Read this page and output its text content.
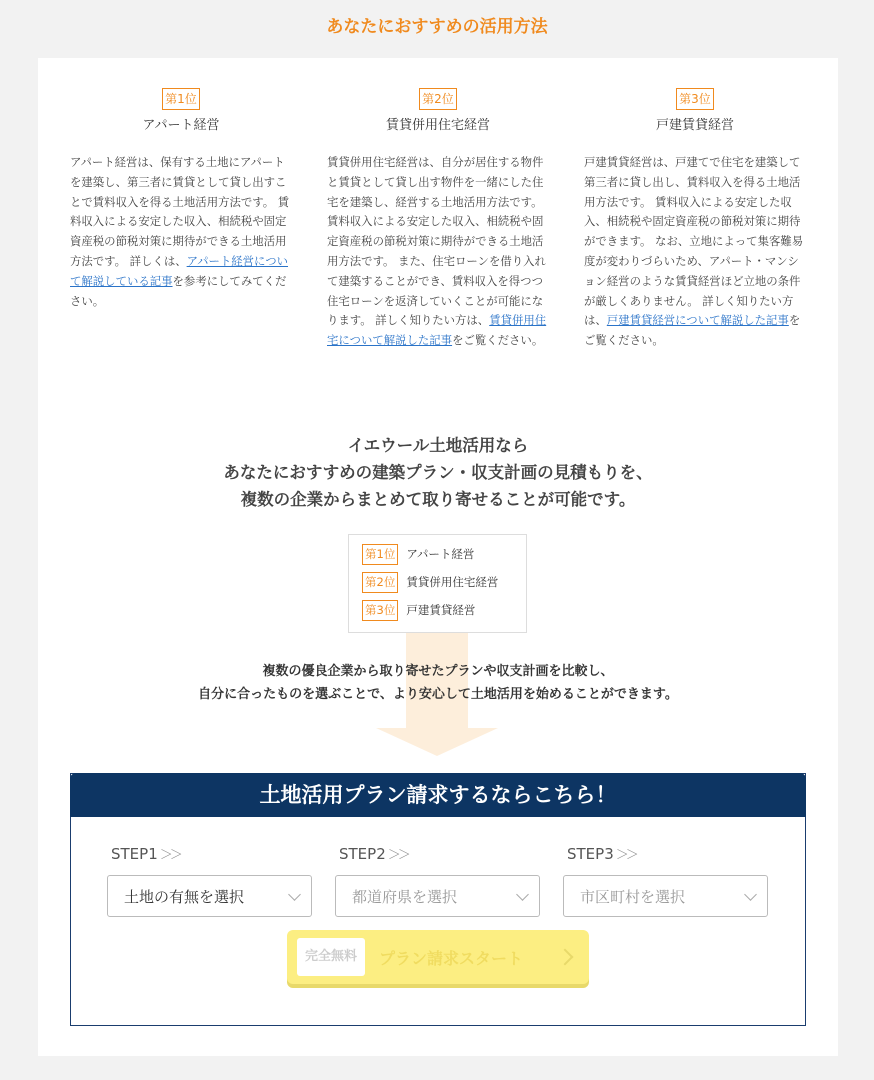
あなたにおすすめの活用方法
第1位
アパート経営
アパート経営は、保有する土地にアパートを建築し、第三者に賃貸として貸し出すことで賃料収入を得る土地活用方法です。 賃料収入による安定した収入、相続税や固定資産税の節税対策に期待ができる土地活用方法です。 詳しくは、アパート経営について解説している記事を参考にしてみてください。
第2位
賃貸併用住宅経営
賃貸併用住宅経営は、自分が居住する物件と賃貸として貸し出す物件を一緒にした住宅を建築し、経営する土地活用方法です。 賃料収入による安定した収入、相続税や固定資産税の節税対策に期待ができる土地活用方法です。 また、住宅ローンを借り入れて建築することができ、賃料収入を得つつ住宅ローンを返済していくことが可能になります。 詳しく知りたい方は、賃貸併用住宅について解説した記事をご覧ください。
第3位
戸建賃貸経営
戸建賃貸経営は、戸建てで住宅を建築して第三者に貸し出し、賃料収入を得る土地活用方法です。 賃料収入による安定した収入、相続税や固定資産税の節税対策に期待ができます。 なお、立地によって集客難易度が変わりづらいため、アパート・マンション経営のような賃貸経営ほど立地の条件が厳しくありません。 詳しく知りたい方は、戸建賃貸経営について解説した記事をご覧ください。
イエウール土地活用なら
あなたにおすすめの建築プラン・収支計画の見積もりを、
複数の企業からまとめて取り寄せることが可能です。
第1位 アパート経営
第2位 賃貸併用住宅経営
第3位 戸建賃貸経営
複数の優良企業から取り寄せたプランや収支計画を比較し、
自分に合ったものを選ぶことで、より安心して土地活用を始めることができます。
土地活用プラン請求するならこちら！
STEP1 ＞＞
土地の有無を選択
STEP2 ＞＞
都道府県を選択
STEP3 ＞＞
市区町村を選択
完全無料	プラン請求スタート
